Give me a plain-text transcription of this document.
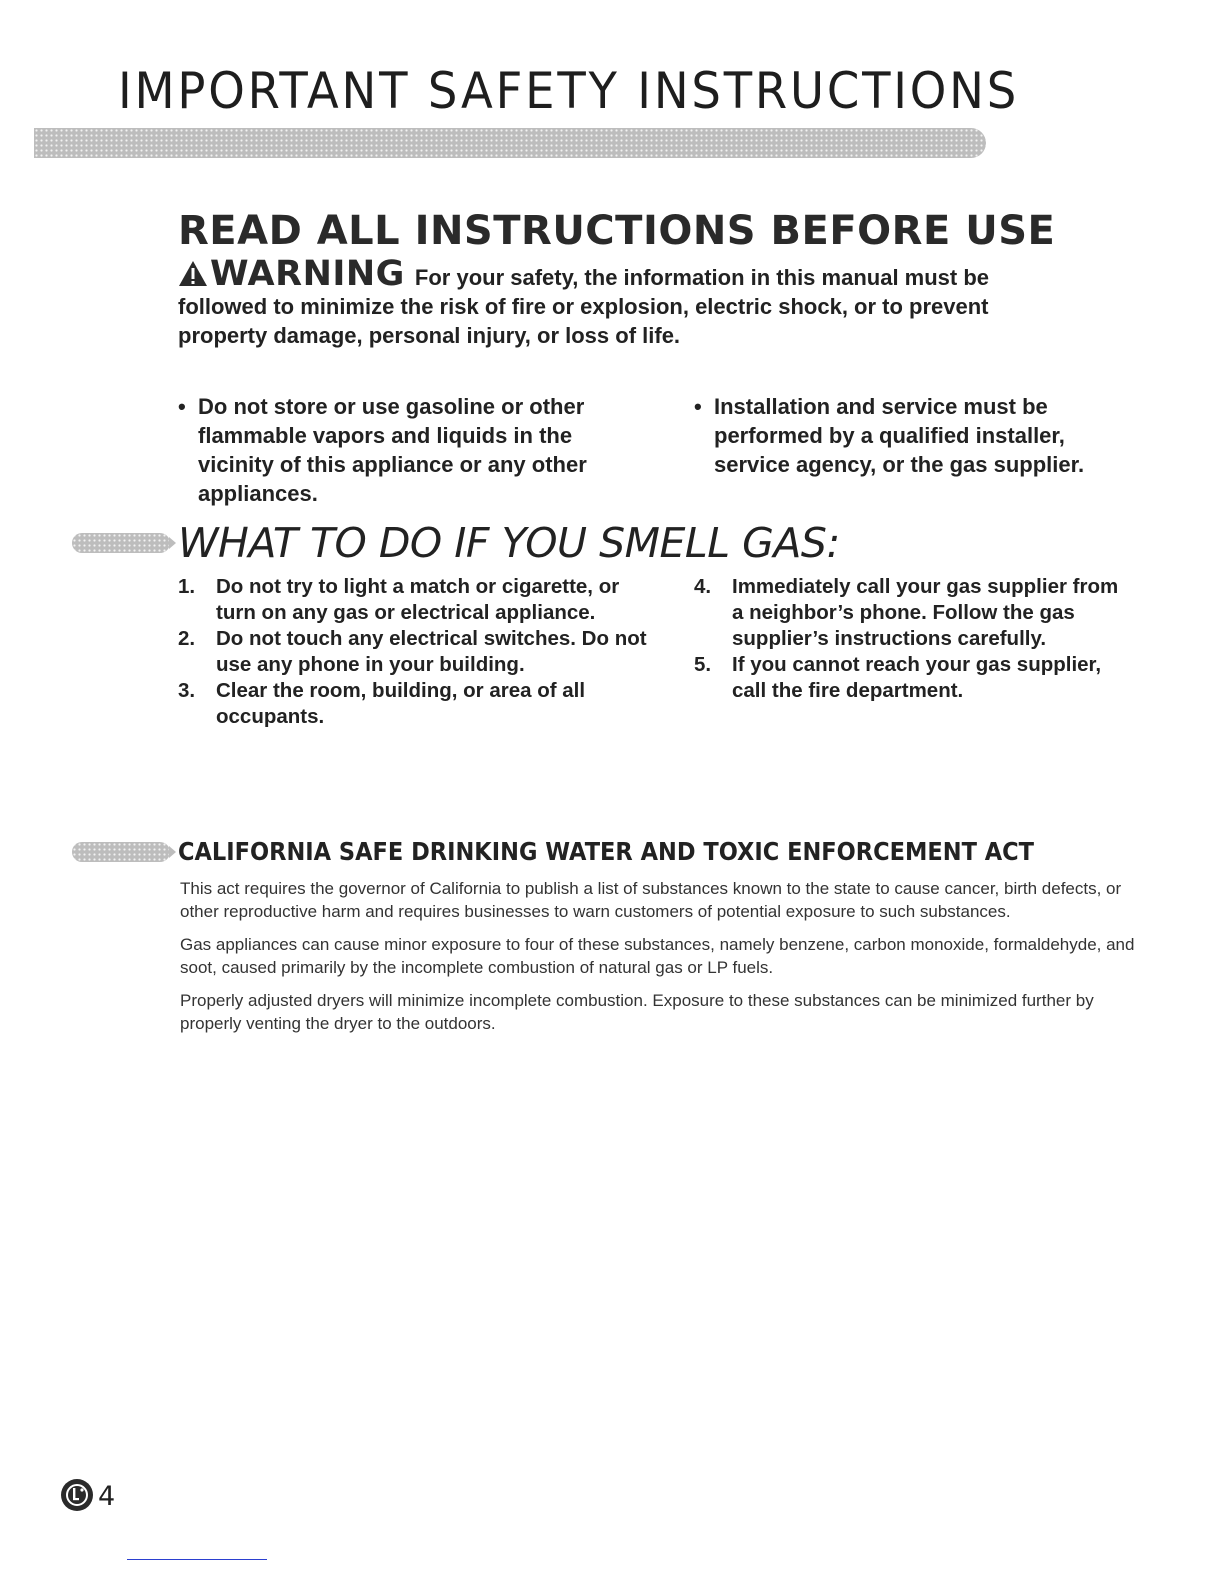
IMPORTANT SAFETY INSTRUCTIONS
READ ALL INSTRUCTIONS BEFORE USE
WARNING For your safety, the information in this manual must be followed to minimize the risk of fire or explosion, electric shock, or to prevent property damage, personal injury, or loss of life.
• Do not store or use gasoline or other flammable vapors and liquids in the vicinity of this appliance or any other appliances.
• Installation and service must be performed by a qualified installer, service agency, or the gas supplier.
WHAT TO DO IF YOU SMELL GAS:
1.	Do not try to light a match or cigarette, or turn on any gas or electrical appliance.
2.	Do not touch any electrical switches. Do not use any phone in your building.
3.	Clear the room, building, or area of all occupants.
4.	Immediately call your gas supplier from a neighbor’s phone. Follow the gas supplier’s instructions carefully.
5.	If you cannot reach your gas supplier, call the fire department.
CALIFORNIA SAFE DRINKING WATER AND TOXIC ENFORCEMENT ACT

This act requires the governor of California to publish a list of substances known to the state to cause cancer, birth defects, or other reproductive harm and requires businesses to warn customers of potential exposure to such substances.

Gas appliances can cause minor exposure to four of these substances, namely benzene, carbon monoxide, formaldehyde, and soot, caused primarily by the incomplete combustion of natural gas or LP fuels.

Properly adjusted dryers will minimize incomplete combustion. Exposure to these substances can be minimized further by properly venting the dryer to the outdoors.

4
